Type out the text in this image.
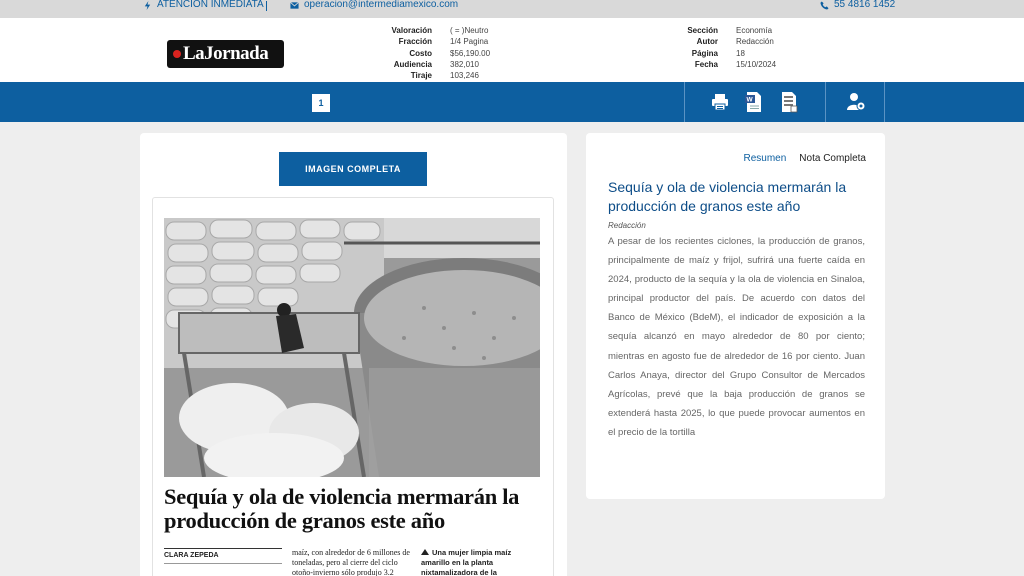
ATENCION INMEDIATA	operacion@intermediamexico.com	55 4816 1452
LaJornada
Valoración	( = )Neutro
Fracción	1/4 Pagina
Costo	$56,190.00
Audiencia	382,010
Tiraje	103,246
Sección	Economía
Autor	Redacción
Página	18
Fecha	15/10/2024
1	W
IMAGEN COMPLETA
Sequía y ola de violencia mermarán la producción de granos este año
CLARA ZEPEDA	maíz, con alrededor de 6 millones de toneladas, pero al cierre del ciclo otoño-invierno sólo produjo 3.2
Una mujer limpia maíz amarillo en la planta nixtamalizadora de la
Resumen Nota Completa
Sequía y ola de violencia mermarán la producción de granos este año
Redacción
A pesar de los recientes ciclones, la producción de granos, principalmente de maíz y frijol, sufrirá una fuerte caída en 2024, producto de la sequía y la ola de violencia en Sinaloa, principal productor del país. De acuerdo con datos del Banco de México (BdeM), el indicador de exposición a la sequía alcanzó en mayo alrededor de 80 por ciento; mientras en agosto fue de alrededor de 16 por ciento. Juan Carlos Anaya, director del Grupo Consultor de Mercados Agrícolas, prevé que la baja producción de granos se extenderá hasta 2025, lo que puede provocar aumentos en el precio de la tortilla
